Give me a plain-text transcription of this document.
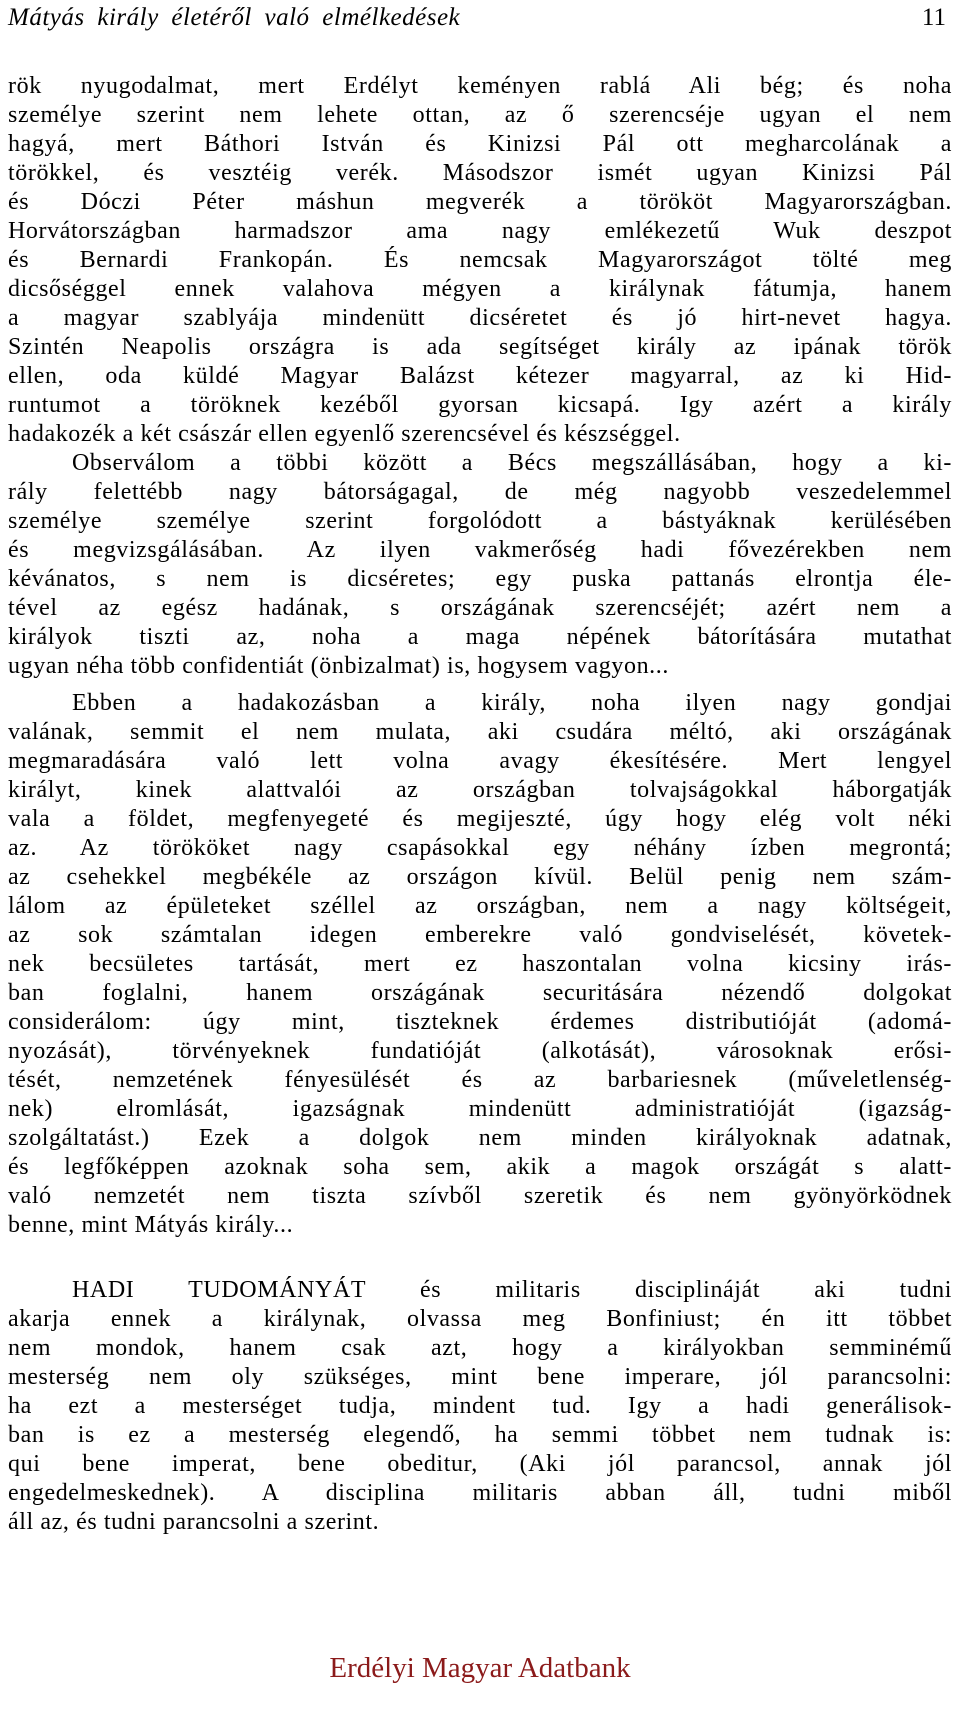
Mátyás király életéről való elmélkedések	11
rök nyugodalmat, mert Erdélyt keményen rablá Ali bég; és noha
személye szerint nem lehete ottan, az ő szerencséje ugyan el nem
hagyá, mert Báthori István és Kinizsi Pál ott megharcolának a
törökkel, és vesztéig verék. Másodszor ismét ugyan Kinizsi Pál
és Dóczi Péter máshun megverék a törököt Magyarországban.
Horvátországban harmadszor ama nagy emlékezetű Wuk deszpot
és Bernardi Frankopán. És nemcsak Magyarországot tölté meg
dicsőséggel ennek valahova mégyen a királynak fátumja, hanem
a magyar szablyája mindenütt dicséretet és jó hirt-nevet hagya.
Szintén Neapolis országra is ada segítséget király az ipának török
ellen, oda küldé Magyar Balázst kétezer magyarral, az ki Hid-
runtumot a töröknek kezéből gyorsan kicsapá. Igy azért a király
hadakozék a két császár ellen egyenlő szerencsével és készséggel.
Observálom a többi között a Bécs megszállásában, hogy a ki-
rály felettébb nagy bátorságagal, de még nagyobb veszedelemmel
személye személye szerint forgolódott a bástyáknak kerülésében
és megvizsgálásában. Az ilyen vakmerőség hadi fővezérekben nem
kévánatos, s nem is dicséretes; egy puska pattanás elrontja éle-
tével az egész hadának, s országának szerencséjét; azért nem a
királyok tiszti az, noha a maga népének bátorítására mutathat
ugyan néha több confidentiát (önbizalmat) is, hogysem vagyon...
Ebben a hadakozásban a király, noha ilyen nagy gondjai
valának, semmit el nem mulata, aki csudára méltó, aki országának
megmaradására való lett volna avagy ékesítésére. Mert lengyel
királyt, kinek alattvalói az országban tolvajságokkal háborgatják
vala a földet, megfenyegeté és megijeszté, úgy hogy elég volt néki
az. Az törököket nagy csapásokkal egy néhány ízben megrontá;
az csehekkel megbékéle az országon kívül. Belül penig nem szám-
lálom az épületeket széllel az országban, nem a nagy költségeit,
az sok számtalan idegen emberekre való gondviselését, követek-
nek becsületes tartását, mert ez haszontalan volna kicsiny irás-
ban foglalni, hanem országának securitására nézendő dolgokat
considerálom: úgy mint, tiszteknek érdemes distributióját (adomá-
nyozását), törvényeknek fundatióját (alkotását), városoknak erősi-
tését, nemzetének fényesülését és az barbariesnek (műveletlenség-
nek) elromlását, igazságnak mindenütt administratióját (igazság-
szolgáltatást.) Ezek a dolgok nem minden királyoknak adatnak,
és legfőképpen azoknak soha sem, akik a magok országát s alatt-
való nemzetét nem tiszta szívből szeretik és nem gyönyörködnek
benne, mint Mátyás király...
HADI TUDOMÁNYÁT és militaris disciplináját aki tudni
akarja ennek a királynak, olvassa meg Bonfiniust; én itt többet
nem mondok, hanem csak azt, hogy a királyokban semminémű
mesterség nem oly szükséges, mint bene imperare, jól parancsolni:
ha ezt a mesterséget tudja, mindent tud. Igy a hadi generálisok-
ban is ez a mesterség elegendő, ha semmi többet nem tudnak is:
qui bene imperat, bene obeditur, (Aki jól parancsol, annak jól
engedelmeskednek). A disciplina militaris abban áll, tudni miből
áll az, és tudni parancsolni a szerint.
Erdélyi Magyar Adatbank
